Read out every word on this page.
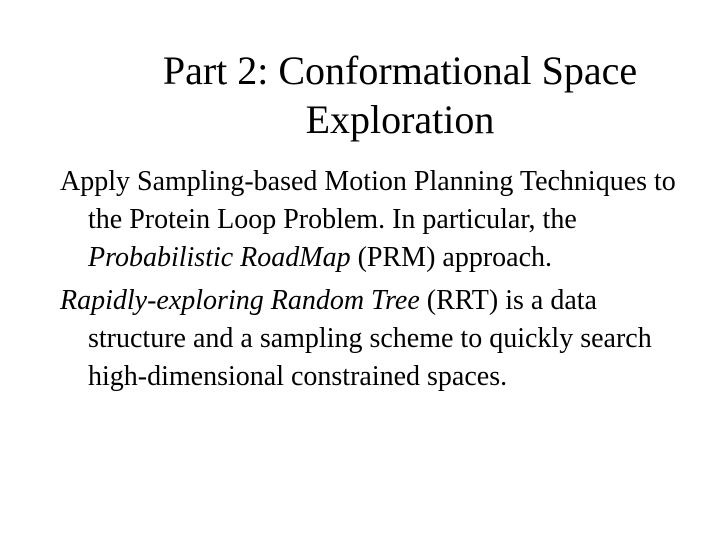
Part 2: Conformational Space
Exploration

Apply Sampling-based Motion Planning Techniques to the Protein Loop Problem. In particular, the Probabilistic RoadMap (PRM) approach.

Rapidly-exploring Random Tree (RRT) is a data structure and a sampling scheme to quickly search high-dimensional constrained spaces.
